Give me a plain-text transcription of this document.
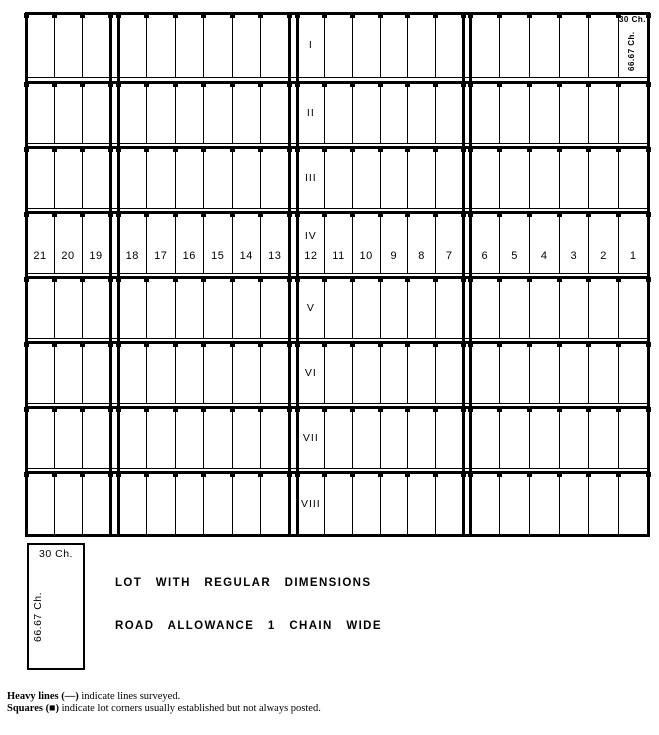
I
II
III
IV
V
VI
VII
VIII
21 20 19 18 17 16 15 14 13 12 11 10 9 8 7	6 5 4 3 2 1
*
30 Ch.
66.67 Ch.
30 Ch.
66.67 Ch.
LOT WITH REGULAR DIMENSIONS
ROAD ALLOWANCE 1 CHAIN WIDE
Heavy lines (—) indicate lines surveyed.
Squares (■) indicate lot corners usually established but not always posted.
